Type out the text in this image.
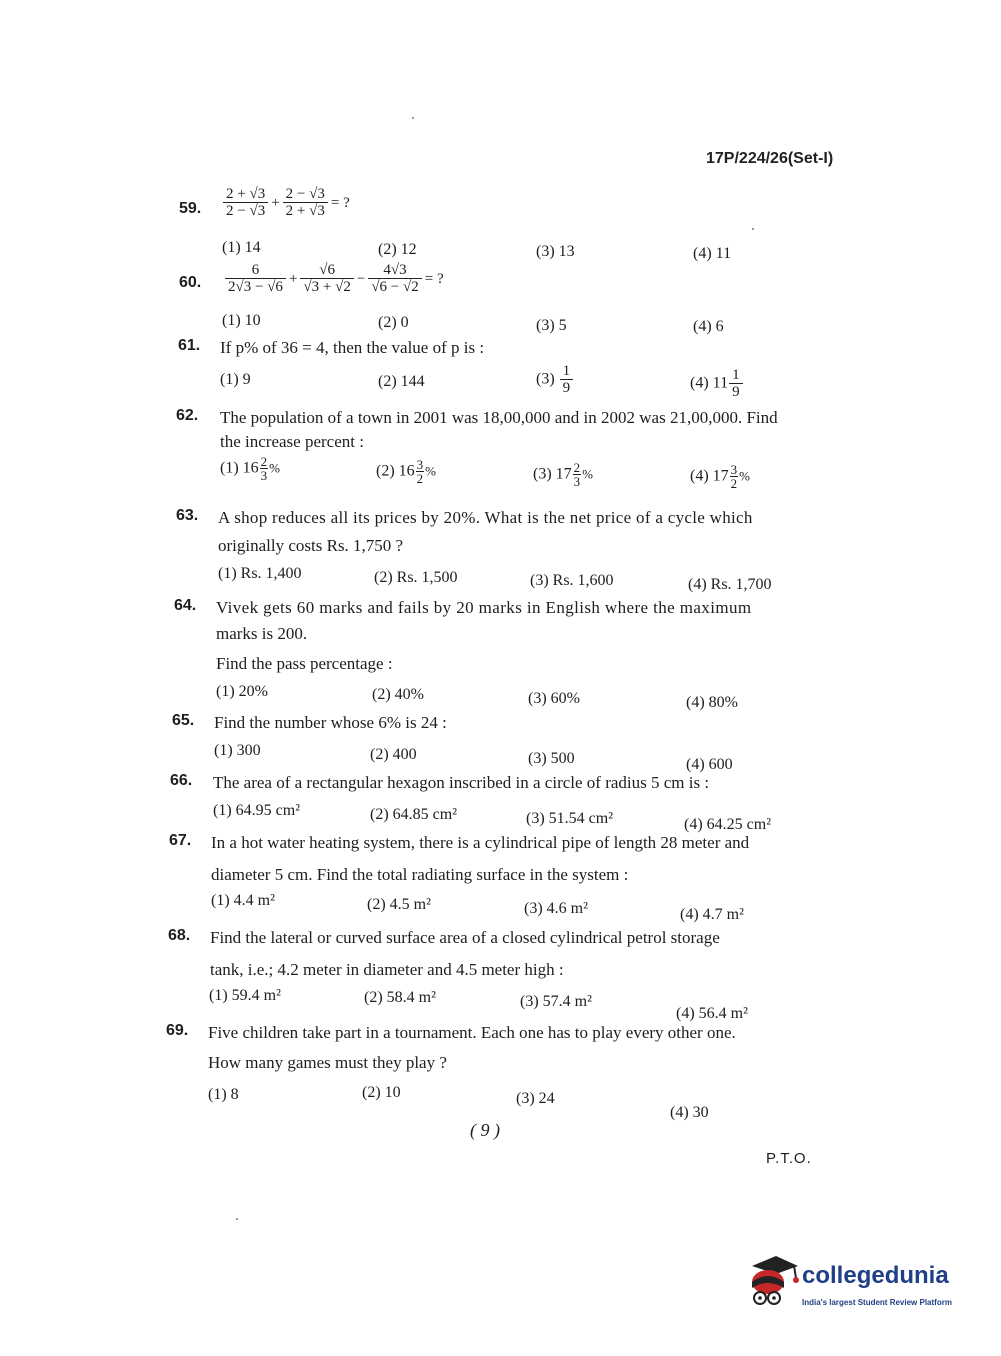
17P/224/26(Set-I)
59.	$\frac{2 + √3}{2 - √3} + \frac{2 - √3}{2 + √3}$ = ?
(1) 14	(2) 12	(3) 13	(4) 11
60.	$\frac{6}{2√3 - √6} + \frac{√6}{√3 + √2} - \frac{4√3}{√6 - √2}$ = ?
(1) 10	(2) 0	(3) 5	(4) 6
61.	If p% of 36 = 4, then the value of p is :
(1) 9	(2) 144	$(3) \frac{1}{9}$	(4) $11 \frac{1}{9}$
62.	The population of a town in 2001 was 18,00,000 and in 2002 was 21,00,000. Find
the increase percent :
(1) $16 \frac{2}{3}$ %	(2) $16 \frac{3}{2}$ %	(3) $17 \frac{2}{3}$ %	(4) $17 \frac{3}{2}$ %
63.	A shop reduces all its prices by 20%. What is the net price of a cycle which
originally costs Rs. 1,750 ?
(1) Rs. 1,400	(2) Rs. 1,500	(3) Rs. 1,600	(4) Rs. 1,700
64.	Vivek gets 60 marks and fails by 20 marks in English where the maximum
marks is 200.
Find the pass percentage :
(1) 20%	(2) 40%	(3) 60%	(4) 80%
65.	Find the number whose 6% is 24 :
(1) 300	(2) 400	(3) 500	(4) 600
66.	The area of a rectangular hexagon inscribed in a circle of radius 5 cm is :
(1) 64.95 cm²	(2) 64.85 cm²	(3) 51.54 cm²	(4) 64.25 cm²
67.	In a hot water heating system, there is a cylindrical pipe of length 28 meter and
diameter 5 cm. Find the total radiating surface in the system :
(1) 4.4 m²	(2) 4.5 m²	(3) 4.6 m²	(4) 4.7 m²
68.	Find the lateral or curved surface area of a closed cylindrical petrol storage
tank, i.e.; 4.2 meter in diameter and 4.5 meter high :
(1) 59.4 m²	(2) 58.4 m²	(3) 57.4 m²
(4) 56.4 m²
69.	Five children take part in a tournament. Each one has to play every other one.
How many games must they play ?
(1) 8	(2) 10	(3) 24
(4) 30
( 9 )
P.T.O.
collegedunia
India's largest Student Review Platform
